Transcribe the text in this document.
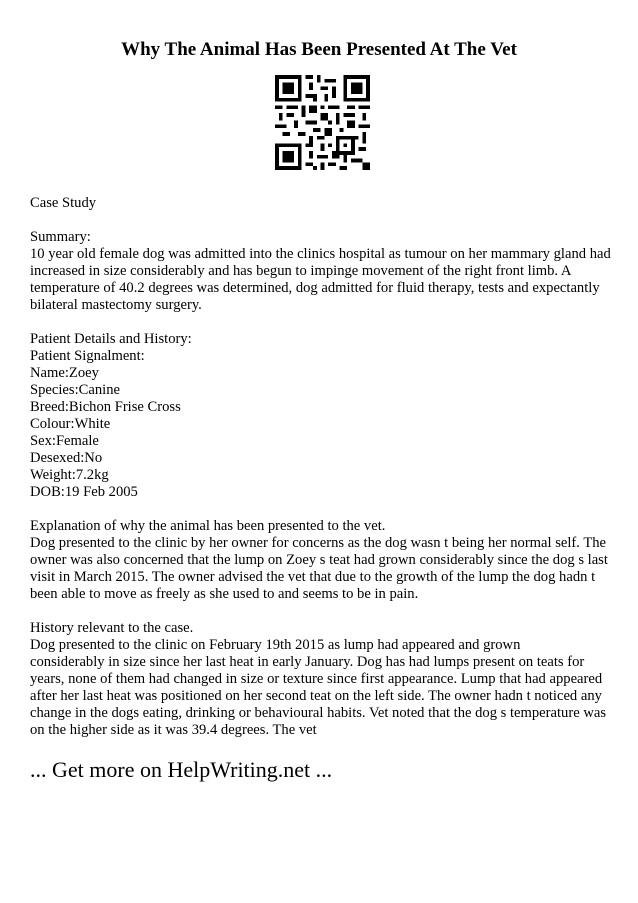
Why The Animal Has Been Presented At The Vet

Case Study

Summary:
10 year old female dog was admitted into the clinics hospital as tumour on her mammary gland had
increased in size considerably and has begun to impinge movement of the right front limb. A
temperature of 40.2 degrees was determined, dog admitted for fluid therapy, tests and expectantly
bilateral mastectomy surgery.
Patient Details and History:
Patient Signalment:
Name:Zoey
Species:Canine
Breed:Bichon Frise Cross
Colour:White
Sex:Female
Desexed:No
Weight:7.2kg
DOB:19 Feb 2005
Explanation of why the animal has been presented to the vet.
Dog presented to the clinic by her owner for concerns as the dog wasn t being her normal self. The
owner was also concerned that the lump on Zoey s teat had grown considerably since the dog s last
visit in March 2015. The owner advised the vet that due to the growth of the lump the dog hadn t
been able to move as freely as she used to and seems to be in pain.
History relevant to the case.
Dog presented to the clinic on February 19th 2015 as lump had appeared and grown
considerably in size since her last heat in early January. Dog has had lumps present on teats for
years, none of them had changed in size or texture since first appearance. Lump that had appeared
after her last heat was positioned on her second teat on the left side. The owner hadn t noticed any
change in the dogs eating, drinking or behavioural habits. Vet noted that the dog s temperature was
on the higher side as it was 39.4 degrees. The vet
... Get more on HelpWriting.net ...
